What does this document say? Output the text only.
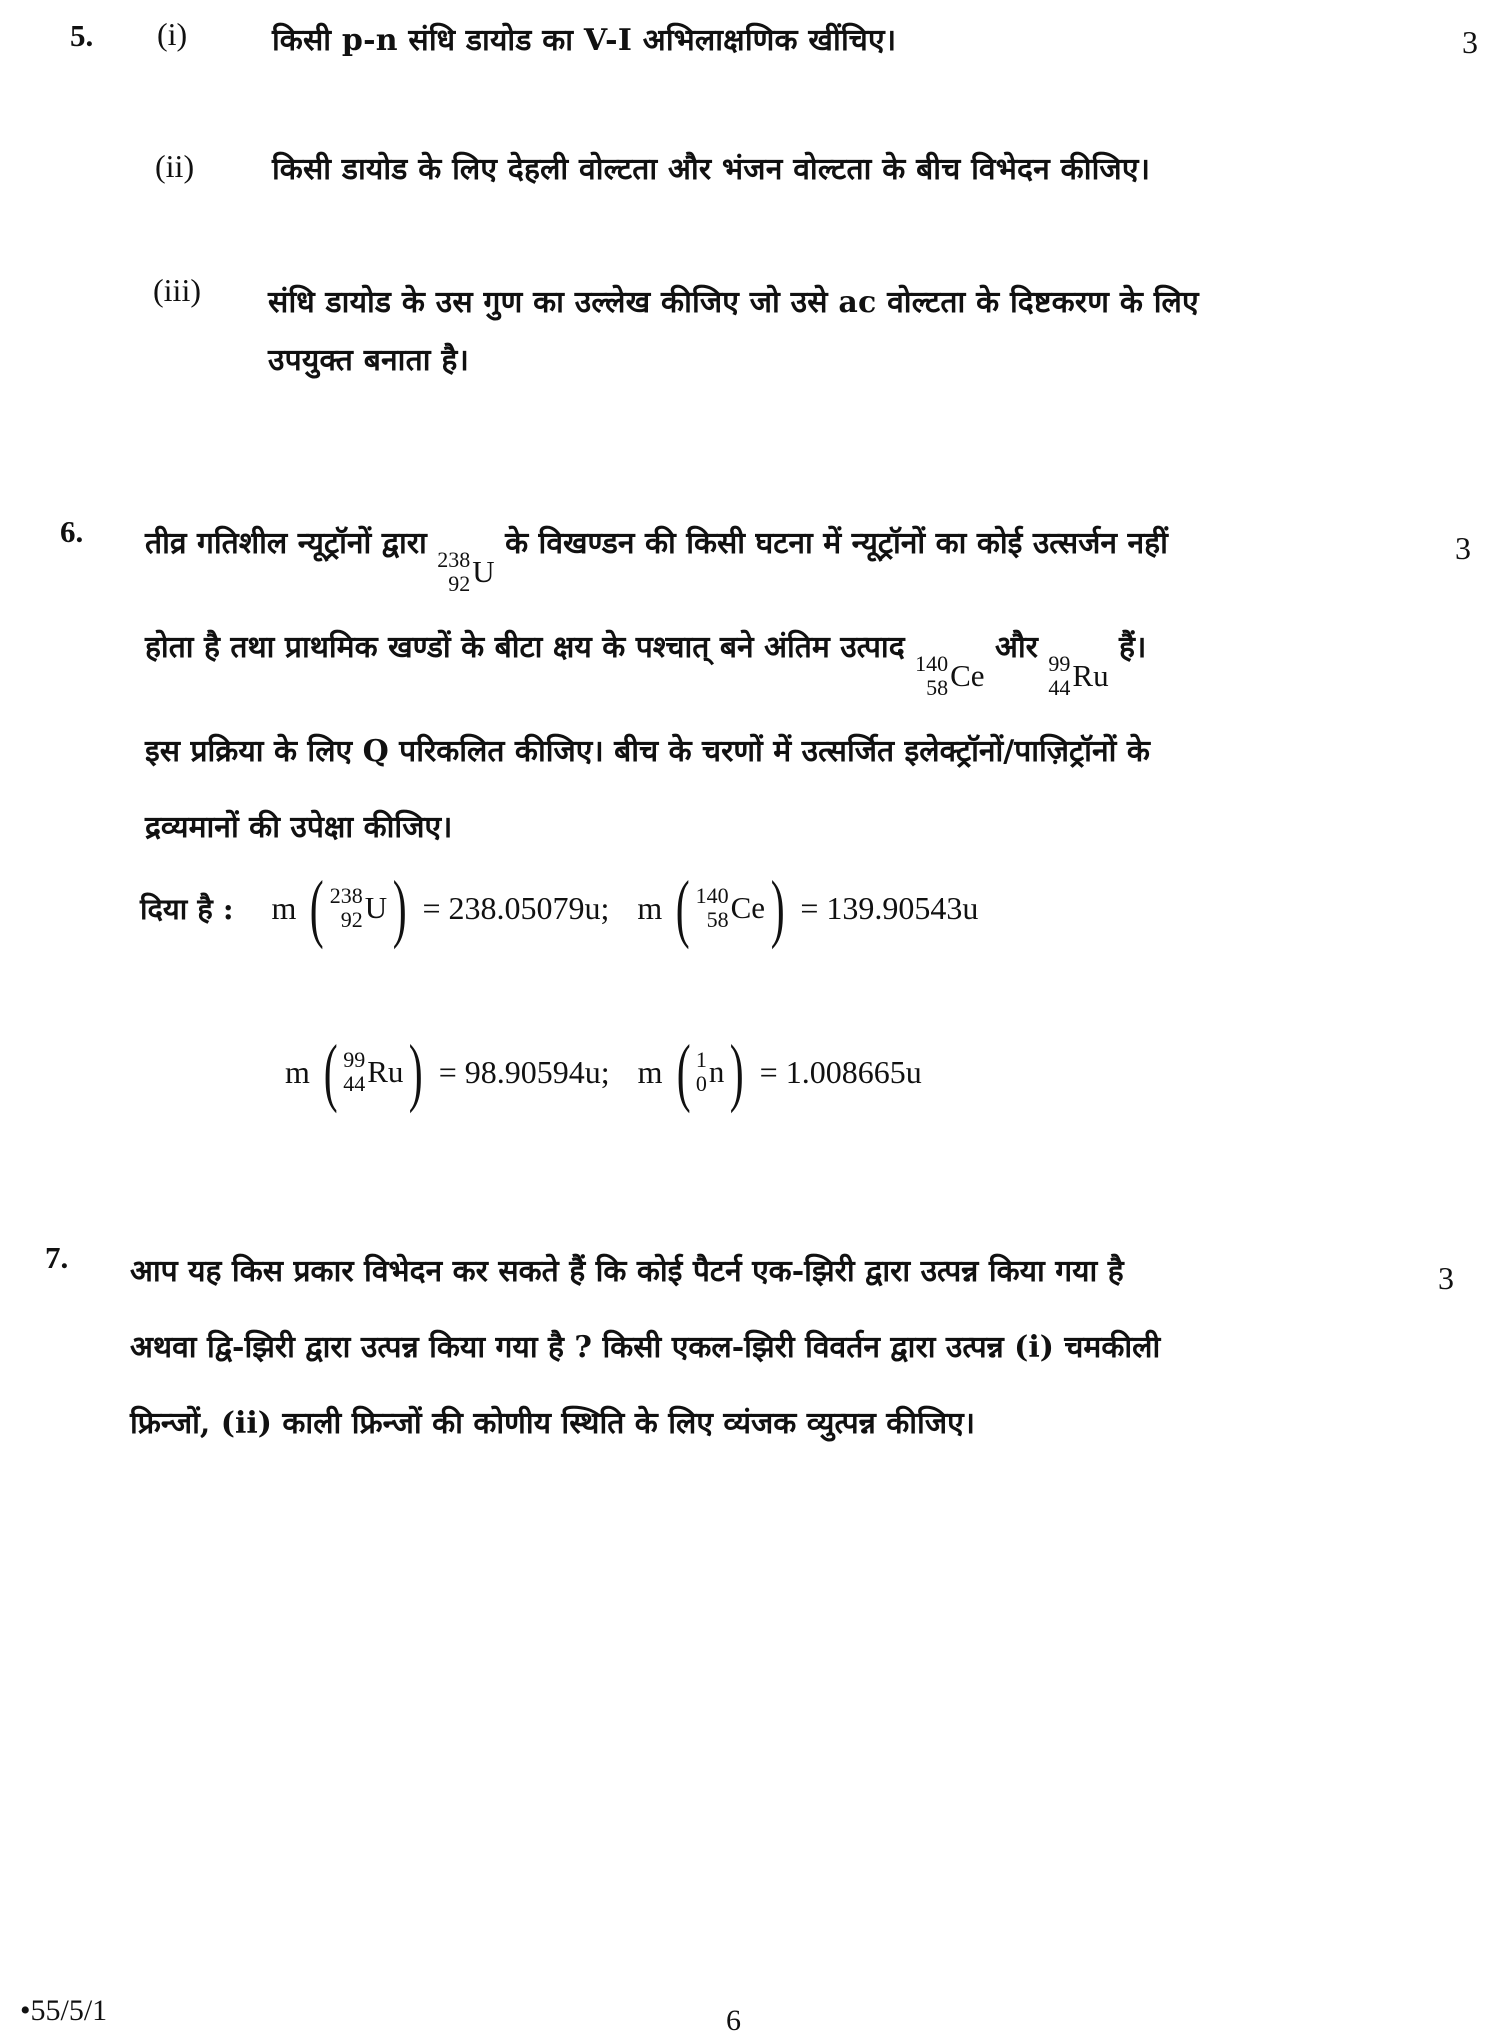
5.	3
(i)	किसी p-n संधि डायोड का V-I अभिलाक्षणिक खींचिए।
(ii)	किसी डायोड के लिए देहली वोल्टता और भंजन वोल्टता के बीच विभेदन कीजिए।
(iii) संधि डायोड के उस गुण का उल्लेख कीजिए जो उसे ac वोल्टता के दिष्टकरण के लिए
उपयुक्त बनाता है।
6.	3
तीव्र गतिशील न्यूट्रॉनों द्वारा 238
92 U
के विखण्डन की किसी घटना में न्यूट्रॉनों का कोई उत्सर्जन नहीं
होता है तथा प्राथमिक खण्डों के बीटा क्षय के पश्चात् बने अंतिम उत्पाद 140
58 Ce
और 99
44 Ru
हैं।
इस प्रक्रिया के लिए Q परिकलित कीजिए। बीच के चरणों में उत्सर्जित इलेक्ट्रॉनों/पाज़िट्रॉनों के
द्रव्यमानों की उपेक्षा कीजिए।
दिया है : m ( 238
92 U ) = 238.05079u; m ( 140
58 Ce ) = 139.90543u
m ( 99
44 Ru ) = 98.90594u; m ( 1
0 n ) = 1.008665u
7.
3
आप यह किस प्रकार विभेदन कर सकते हैं कि कोई पैटर्न एक-झिरी द्वारा उत्पन्न किया गया है
अथवा द्वि-झिरी द्वारा उत्पन्न किया गया है ? किसी एकल-झिरी विवर्तन द्वारा उत्पन्न (i) चमकीली
फ्रिन्जों, (ii) काली फ्रिन्जों की कोणीय स्थिति के लिए व्यंजक व्युत्पन्न कीजिए।
•55/5/1	6
